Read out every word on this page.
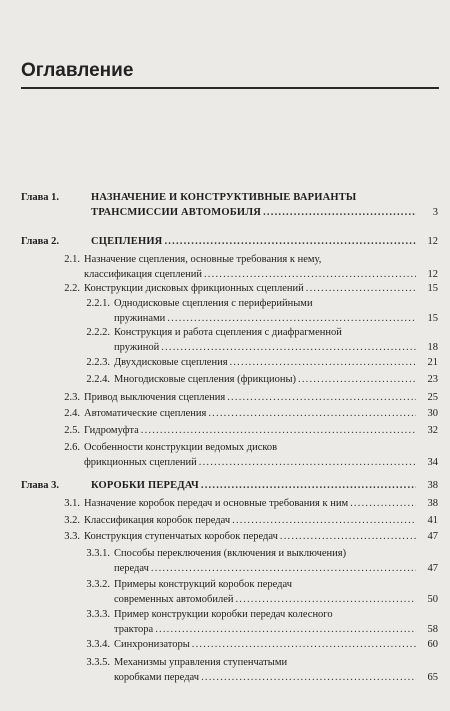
Оглавление
Глава 1.	НАЗНАЧЕНИЕ И КОНСТРУКТИВНЫЕ ВАРИАНТЫ
ТРАНСМИССИИ АВТОМОБИЛЯ .....	3
Глава 2.	СЦЕПЛЕНИЯ .....	12
2.1. Назначение сцепления, основные требования к нему,
классификация сцеплений .....	12
2.2. Конструкции дисковых фрикционных сцеплений .....	15
2.2.1. Однодисковые сцепления с периферийными
пружинами .....	15
2.2.2. Конструкция и работа сцепления с диафрагменной
пружиной .....	18
2.2.3. Двухдисковые сцепления .....	21
2.2.4. Многодисковые сцепления (фрикционы) .....	23
2.3. Привод выключения сцепления .....	25
2.4. Автоматические сцепления .....	30
2.5. Гидромуфта .....	32
2.6. Особенности конструкции ведомых дисков
фрикционных сцеплений .....	34
Глава 3.	КОРОБКИ ПЕРЕДАЧ .....	38
3.1. Назначение коробок передач и основные требования к ним .....	38
3.2. Классификация коробок передач .....	41
3.3. Конструкция ступенчатых коробок передач .....	47
3.3.1. Способы переключения (включения и выключения)
передач .....	47
3.3.2. Примеры конструкций коробок передач
современных автомобилей .....	50
3.3.3. Пример конструкции коробки передач колесного
трактора .....	58
3.3.4. Синхронизаторы .....	60
3.3.5. Механизмы управления ступенчатыми
коробками передач .....	65
